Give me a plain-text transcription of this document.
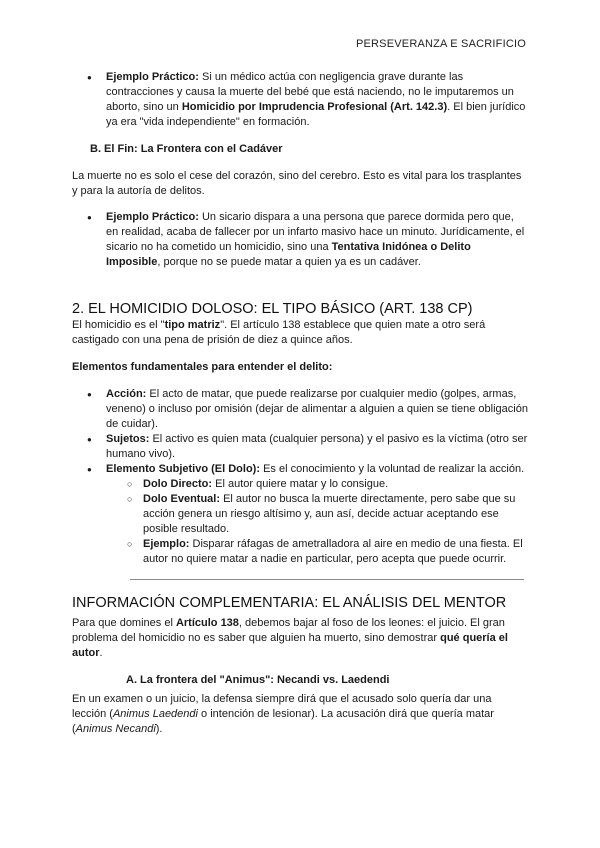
PERSEVERANZA E SACRIFICIO

● Ejemplo Práctico: Si un médico actúa con negligencia grave durante las contracciones y causa la muerte del bebé que está naciendo, no le imputaremos un aborto, sino un Homicidio por Imprudencia Profesional (Art. 142.3). El bien jurídico ya era "vida independiente" en formación.

B. El Fin: La Frontera con el Cadáver

La muerte no es solo el cese del corazón, sino del cerebro. Esto es vital para los trasplantes y para la autoría de delitos.

● Ejemplo Práctico: Un sicario dispara a una persona que parece dormida pero que, en realidad, acaba de fallecer por un infarto masivo hace un minuto. Jurídicamente, el sicario no ha cometido un homicidio, sino una Tentativa Inidónea o Delito Imposible, porque no se puede matar a quien ya es un cadáver.

2. EL HOMICIDIO DOLOSO: EL TIPO BÁSICO (ART. 138 CP)

El homicidio es el "tipo matriz". El artículo 138 establece que quien mate a otro será castigado con una pena de prisión de diez a quince años.

Elementos fundamentales para entender el delito:

● Acción: El acto de matar, que puede realizarse por cualquier medio (golpes, armas, veneno) o incluso por omisión (dejar de alimentar a alguien a quien se tiene obligación de cuidar).

● Sujetos: El activo es quien mata (cualquier persona) y el pasivo es la víctima (otro ser humano vivo).

● Elemento Subjetivo (El Dolo): Es el conocimiento y la voluntad de realizar la acción.

○ Dolo Directo: El autor quiere matar y lo consigue.

○ Dolo Eventual: El autor no busca la muerte directamente, pero sabe que su acción genera un riesgo altísimo y, aun así, decide actuar aceptando ese posible resultado.

○ Ejemplo: Disparar ráfagas de ametralladora al aire en medio de una fiesta. El autor no quiere matar a nadie en particular, pero acepta que puede ocurrir.

INFORMACIÓN COMPLEMENTARIA: EL ANÁLISIS DEL MENTOR

Para que domines el Artículo 138, debemos bajar al foso de los leones: el juicio. El gran problema del homicidio no es saber que alguien ha muerto, sino demostrar qué quería el autor.

A. La frontera del "Animus": Necandi vs. Laedendi

En un examen o un juicio, la defensa siempre dirá que el acusado solo quería dar una lección (Animus Laedendi o intención de lesionar). La acusación dirá que quería matar (Animus Necandi).
